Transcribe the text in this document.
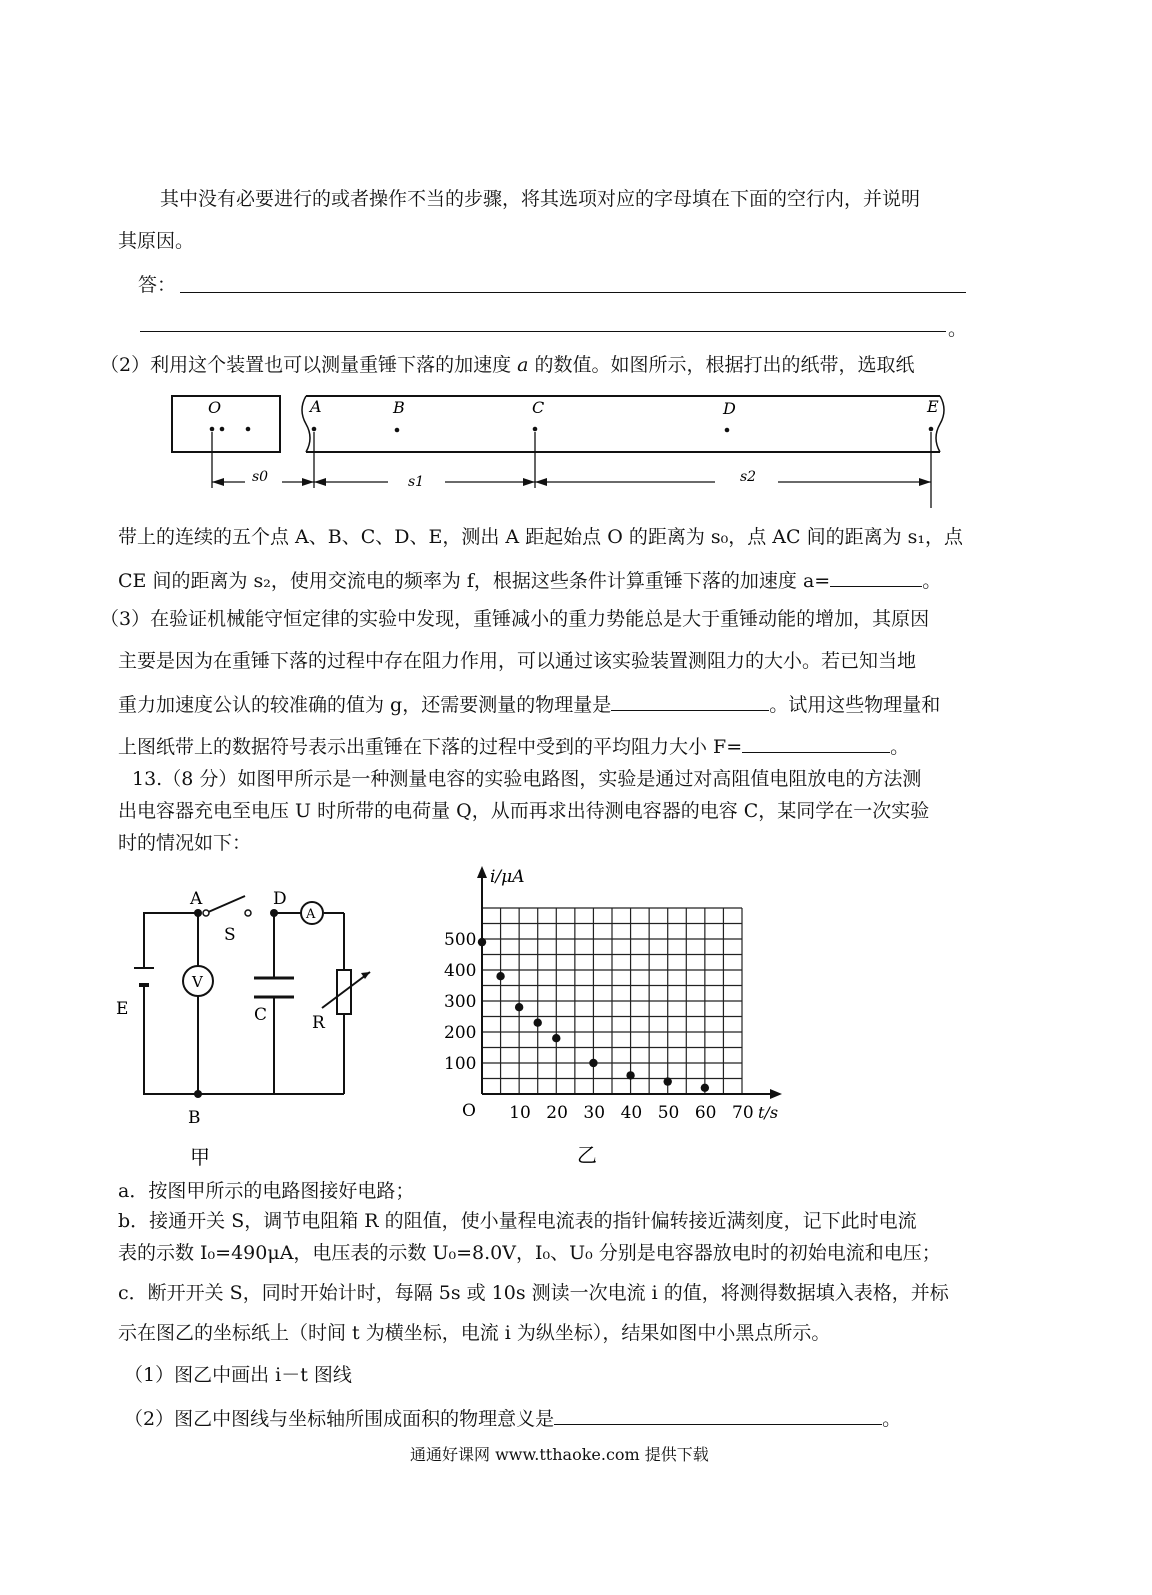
其中没有必要进行的或者操作不当的步骤，将其选项对应的字母填在下面的空行内，并说明
其原因。
答：
。
（2）利用这个装置也可以测量重锤下落的加速度 a 的数值。如图所示，根据打出的纸带，选取纸
O	A	B	C	D	E
s0	s1	s2
带上的连续的五个点 A、B、C、D、E，测出 A 距起始点 O 的距离为 s₀，点 AC 间的距离为 s₁，点
CE 间的距离为 s₂，使用交流电的频率为 f，根据这些条件计算重锤下落的加速度 a=	。
（3）在验证机械能守恒定律的实验中发现，重锤减小的重力势能总是大于重锤动能的增加，其原因
主要是因为在重锤下落的过程中存在阻力作用，可以通过该实验装置测阻力的大小。若已知当地
重力加速度公认的较准确的值为 g，还需要测量的物理量是	。试用这些物理量和
上图纸带上的数据符号表示出重锤在下落的过程中受到的平均阻力大小 F=	。
13.（8 分）如图甲所示是一种测量电容的实验电路图，实验是通过对高阻值电阻放电的方法测
出电容器充电至电压 U 时所带的电荷量 Q，从而再求出待测电容器的电容 C，某同学在一次实验
时的情况如下：
A	D
S
E	C	R
B
V
A
甲
i/μA
t/s
O
500
400
300
200
100
10 20 30 40 50 60 70
乙
a．按图甲所示的电路图接好电路；
b．接通开关 S，调节电阻箱 R 的阻值，使小量程电流表的指针偏转接近满刻度，记下此时电流
表的示数 I₀=490μA，电压表的示数 U₀=8.0V，I₀、U₀ 分别是电容器放电时的初始电流和电压；
c．断开开关 S，同时开始计时，每隔 5s 或 10s 测读一次电流 i 的值，将测得数据填入表格，并标
示在图乙的坐标纸上（时间 t 为横坐标，电流 i 为纵坐标），结果如图中小黑点所示。
（1）图乙中画出 i－t 图线
（2）图乙中图线与坐标轴所围成面积的物理意义是	。
通通好课网 www.tthaoke.com 提供下载
